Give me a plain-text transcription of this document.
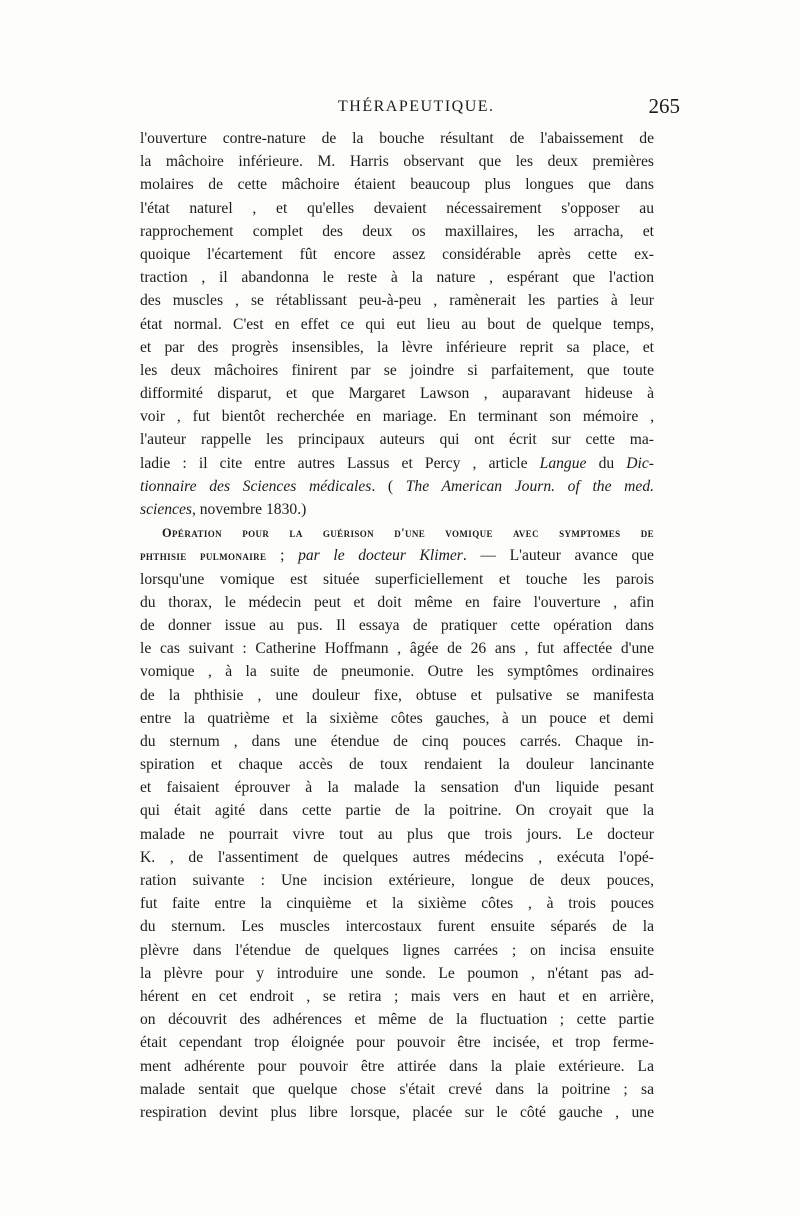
THÉRAPEUTIQUE.	265
l'ouverture contre-nature de la bouche résultant de l'abaissement de
la mâchoire inférieure. M. Harris observant que les deux premières
molaires de cette mâchoire étaient beaucoup plus longues que dans
l'état naturel , et qu'elles devaient nécessairement s'opposer au
rapprochement complet des deux os maxillaires, les arracha, et
quoique l'écartement fût encore assez considérable après cette ex-
traction , il abandonna le reste à la nature , espérant que l'action
des muscles , se rétablissant peu-à-peu , ramènerait les parties à leur
état normal. C'est en effet ce qui eut lieu au bout de quelque temps,
et par des progrès insensibles, la lèvre inférieure reprit sa place, et
les deux mâchoires finirent par se joindre si parfaitement, que toute
difformité disparut, et que Margaret Lawson , auparavant hideuse à
voir , fut bientôt recherchée en mariage. En terminant son mémoire ,
l'auteur rappelle les principaux auteurs qui ont écrit sur cette ma-
ladie : il cite entre autres Lassus et Percy , article Langue du Dic-
tionnaire des Sciences médicales. ( The American Journ. of the med.
sciences, novembre 1830.)
Opération pour la guérison d'une vomique avec symptomes de
phthisie pulmonaire ; par le docteur Klimer. — L'auteur avance que
lorsqu'une vomique est située superficiellement et touche les parois
du thorax, le médecin peut et doit même en faire l'ouverture , afin
de donner issue au pus. Il essaya de pratiquer cette opération dans
le cas suivant : Catherine Hoffmann , âgée de 26 ans , fut affectée d'une
vomique , à la suite de pneumonie. Outre les symptômes ordinaires
de la phthisie , une douleur fixe, obtuse et pulsative se manifesta
entre la quatrième et la sixième côtes gauches, à un pouce et demi
du sternum , dans une étendue de cinq pouces carrés. Chaque in-
spiration et chaque accès de toux rendaient la douleur lancinante
et faisaient éprouver à la malade la sensation d'un liquide pesant
qui était agité dans cette partie de la poitrine. On croyait que la
malade ne pourrait vivre tout au plus que trois jours. Le docteur
K. , de l'assentiment de quelques autres médecins , exécuta l'opé-
ration suivante : Une incision extérieure, longue de deux pouces,
fut faite entre la cinquième et la sixième côtes , à trois pouces
du sternum. Les muscles intercostaux furent ensuite séparés de la
plèvre dans l'étendue de quelques lignes carrées ; on incisa ensuite
la plèvre pour y introduire une sonde. Le poumon , n'étant pas ad-
hérent en cet endroit , se retira ; mais vers en haut et en arrière,
on découvrit des adhérences et même de la fluctuation ; cette partie
était cependant trop éloignée pour pouvoir être incisée, et trop ferme-
ment adhérente pour pouvoir être attirée dans la plaie extérieure. La
malade sentait que quelque chose s'était crevé dans la poitrine ; sa
respiration devint plus libre lorsque, placée sur le côté gauche , une
